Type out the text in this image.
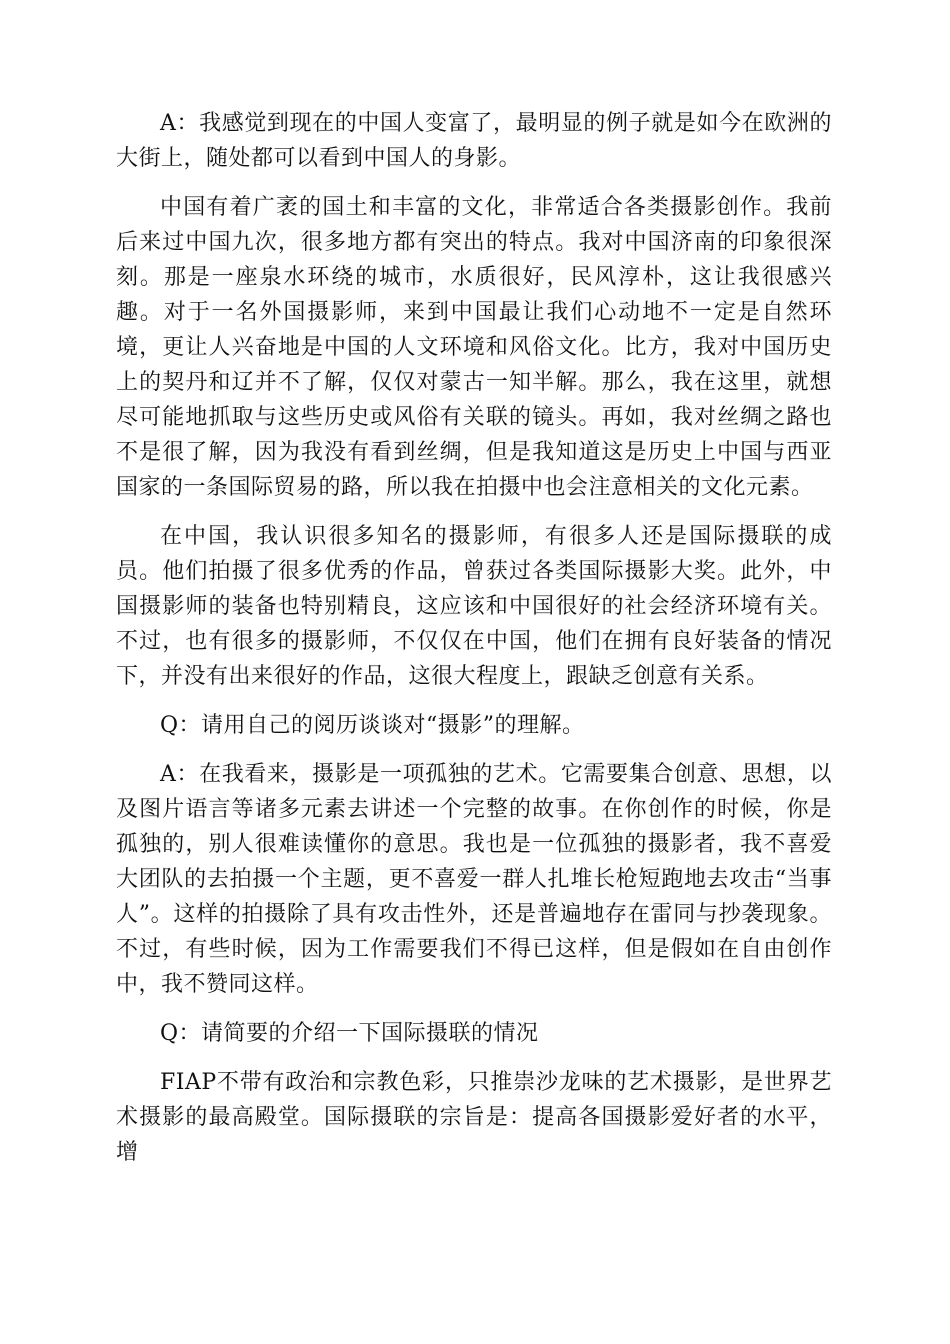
A：我感觉到现在的中国人变富了，最明显的例子就是如今在欧洲的大街上，随处都可以看到中国人的身影。

中国有着广袤的国土和丰富的文化，非常适合各类摄影创作。我前后来过中国九次，很多地方都有突出的特点。我对中国济南的印象很深刻。那是一座泉水环绕的城市，水质很好，民风淳朴，这让我很感兴趣。对于一名外国摄影师，来到中国最让我们心动地不一定是自然环境，更让人兴奋地是中国的人文环境和风俗文化。比方，我对中国历史上的契丹和辽并不了解，仅仅对蒙古一知半解。那么，我在这里，就想尽可能地抓取与这些历史或风俗有关联的镜头。再如，我对丝绸之路也不是很了解，因为我没有看到丝绸，但是我知道这是历史上中国与西亚国家的一条国际贸易的路，所以我在拍摄中也会注意相关的文化元素。

在中国，我认识很多知名的摄影师，有很多人还是国际摄联的成员。他们拍摄了很多优秀的作品，曾获过各类国际摄影大奖。此外，中国摄影师的装备也特别精良，这应该和中国很好的社会经济环境有关。不过，也有很多的摄影师，不仅仅在中国，他们在拥有良好装备的情况下，并没有出来很好的作品，这很大程度上，跟缺乏创意有关系。

Q：请用自己的阅历谈谈对“摄影”的理解。

A：在我看来，摄影是一项孤独的艺术。它需要集合创意、思想，以及图片语言等诸多元素去讲述一个完整的故事。在你创作的时候，你是孤独的，别人很难读懂你的意思。我也是一位孤独的摄影者，我不喜爱大团队的去拍摄一个主题，更不喜爱一群人扎堆长枪短跑地去攻击“当事人”。这样的拍摄除了具有攻击性外，还是普遍地存在雷同与抄袭现象。不过，有些时候，因为工作需要我们不得已这样，但是假如在自由创作中，我不赞同这样。

Q：请简要的介绍一下国际摄联的情况

FIAP不带有政治和宗教色彩，只推崇沙龙味的艺术摄影，是世界艺术摄影的最高殿堂。国际摄联的宗旨是：提高各国摄影爱好者的水平，增
